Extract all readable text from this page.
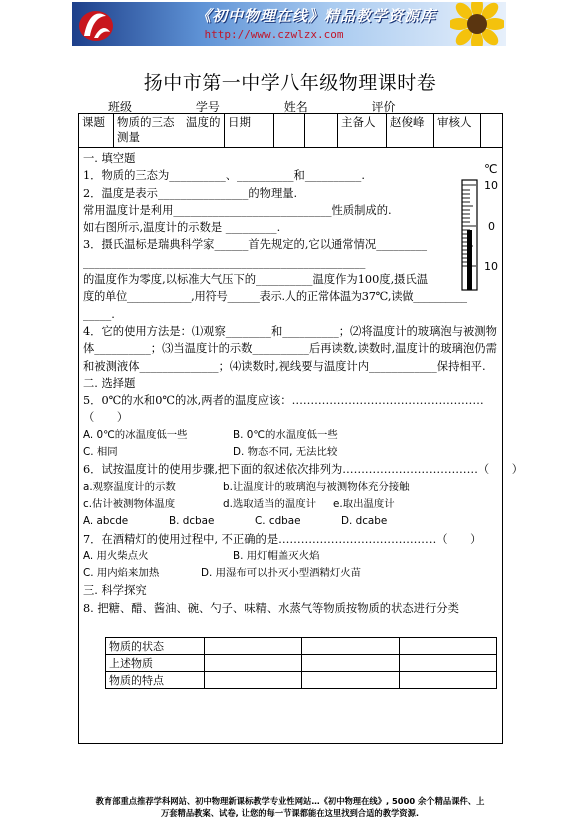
《初中物理在线》精品教学资源库
http://www.czwlzx.com
扬中市第一中学八年级物理课时卷
班级________ 学号________ 姓名________ 评价________
课题	物质的三态　温度的测量	日期			主备人	赵俊峰	审核人	
℃
10
0
10

一. 填空题

1．物质的三态为__________、__________和__________.

2．温度是表示________________的物理量.

常用温度计是利用____________________________性质制成的.

如右图所示,温度计的示数是 _________.

3．摄氏温标是瑞典科学家______首先规定的,它以通常情况_________

__________________________________________________

的温度作为零度,以标准大气压下的__________温度作为100度,摄氏温

度的单位____________,用符号______表示.人的正常体温为37℃,读做__________

_____.

4．它的使用方法是：⑴观察________和__________；⑵将温度计的玻璃泡与被测物体__________；⑶当温度计的示数__________后再读数,读数时,温度计的玻璃泡仍需和被测液体______________；⑷读数时,视线要与温度计内____________保持相平.

二. 选择题

5．0℃的水和0℃的冰,两者的温度应该：……………………………………………

（　　）

A. 0℃的冰温度低一些	B. 0℃的水温度低一些

C. 相同	D. 物态不同, 无法比较

6．试按温度计的使用步骤,把下面的叙述依次排列为………………………………（　　）

a.观察温度计的示数	b.让温度计的玻璃泡与被测物体充分接触

c.估计被测物体温度	d.选取适当的温度计 e.取出温度计

A. abcde	B. dcbae	C. cdbae	D. dcabe

7．在酒精灯的使用过程中, 不正确的是……………………………………（　　）

A. 用火柴点火	B. 用灯帽盖灭火焰

C. 用内焰来加热	D. 用湿布可以扑灭小型酒精灯火苗

三. 科学探究

8. 把糖、醋、酱油、碗、勺子、味精、水蒸气等物质按物质的状态进行分类

物质的状态			
上述物质			
物质的特点			
教育部重点推荐学科网站、初中物理新课标教学专业性网站…《初中物理在线》, 5000 余个精品课件、上
万套精品教案、试卷, 让您的每一节课都能在这里找到合适的教学资源.
